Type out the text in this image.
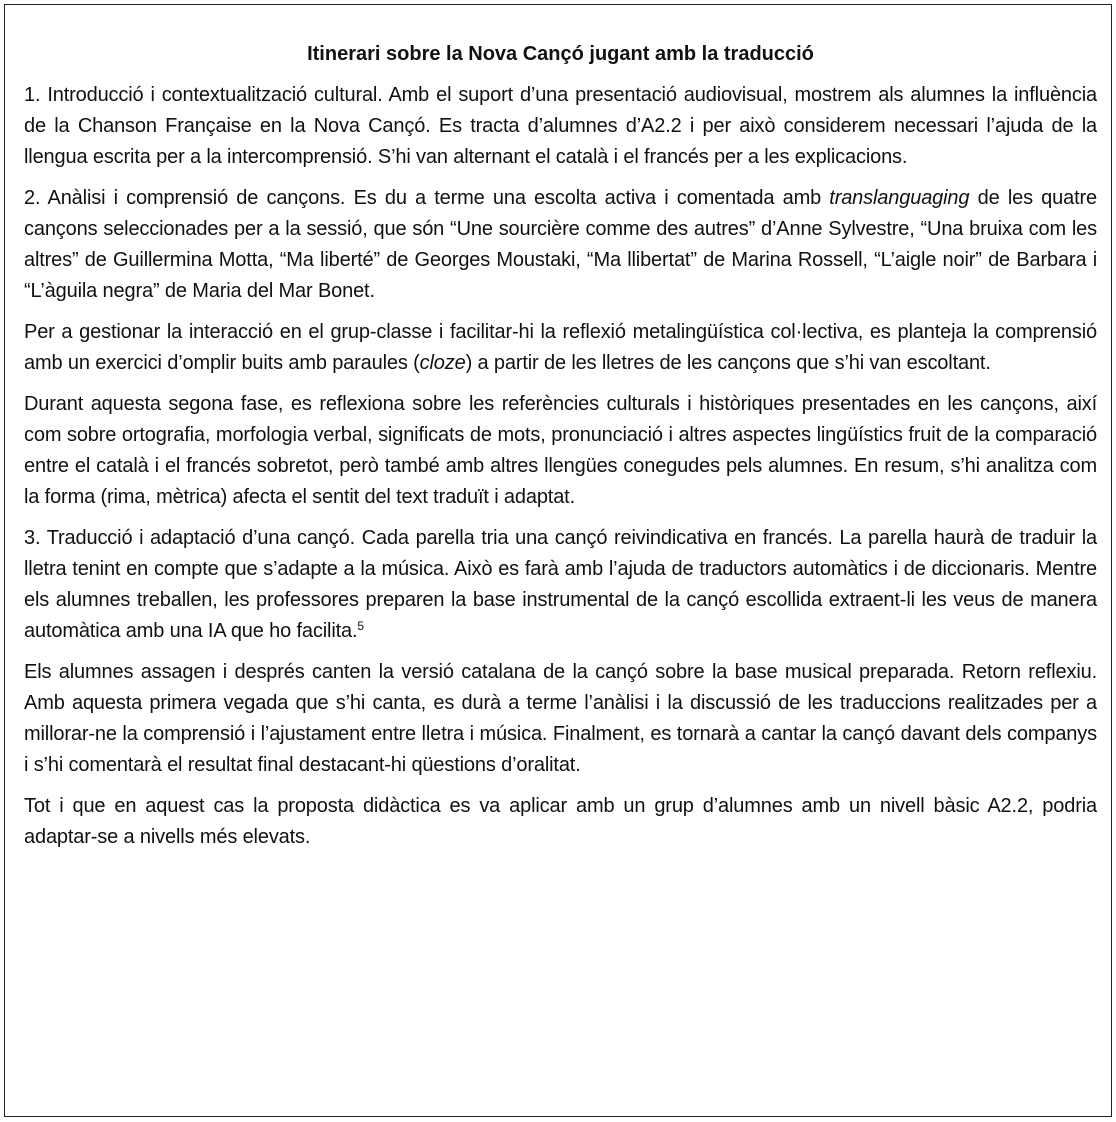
Itinerari sobre la Nova Cançó jugant amb la traducció

1. Introducció i contextualització cultural. Amb el suport d’una presentació audiovisual, mostrem als alumnes la influència de la Chanson Française en la Nova Cançó. Es tracta d’alumnes d’A2.2 i per això considerem necessari l’ajuda de la llengua escrita per a la intercomprensió. S’hi van alternant el català i el francés per a les explicacions.

2. Anàlisi i comprensió de cançons. Es du a terme una escolta activa i comentada amb translanguaging de les quatre cançons seleccionades per a la sessió, que són “Une sourcière comme des autres” d’Anne Sylvestre, “Una bruixa com les altres” de Guillermina Motta, “Ma liberté” de Georges Moustaki, “Ma llibertat” de Marina Rossell, “L’aigle noir” de Barbara i “L’àguila negra” de Maria del Mar Bonet.

Per a gestionar la interacció en el grup-classe i facilitar-hi la reflexió metalingüística col·lectiva, es planteja la comprensió amb un exercici d’omplir buits amb paraules (cloze) a partir de les lletres de les cançons que s’hi van escoltant.

Durant aquesta segona fase, es reflexiona sobre les referències culturals i històriques presentades en les cançons, així com sobre ortografia, morfologia verbal, significats de mots, pronunciació i altres aspectes lingüístics fruit de la comparació entre el català i el francés sobretot, però també amb altres llengües conegudes pels alumnes. En resum, s’hi analitza com la forma (rima, mètrica) afecta el sentit del text traduït i adaptat.

3. Traducció i adaptació d’una cançó. Cada parella tria una cançó reivindicativa en francés. La parella haurà de traduir la lletra tenint en compte que s’adapte a la música. Això es farà amb l’ajuda de traductors automàtics i de diccionaris. Mentre els alumnes treballen, les professores preparen la base instrumental de la cançó escollida extraent-li les veus de manera automàtica amb una IA que ho facilita.$^5$

Els alumnes assagen i després canten la versió catalana de la cançó sobre la base musical preparada. Retorn reflexiu. Amb aquesta primera vegada que s’hi canta, es durà a terme l’anàlisi i la discussió de les traduccions realitzades per a millorar-ne la comprensió i l’ajustament entre lletra i música. Finalment, es tornarà a cantar la cançó davant dels companys i s’hi comentarà el resultat final destacant-hi qüestions d’oralitat.

Tot i que en aquest cas la proposta didàctica es va aplicar amb un grup d’alumnes amb un nivell bàsic A2.2, podria adaptar-se a nivells més elevats.
